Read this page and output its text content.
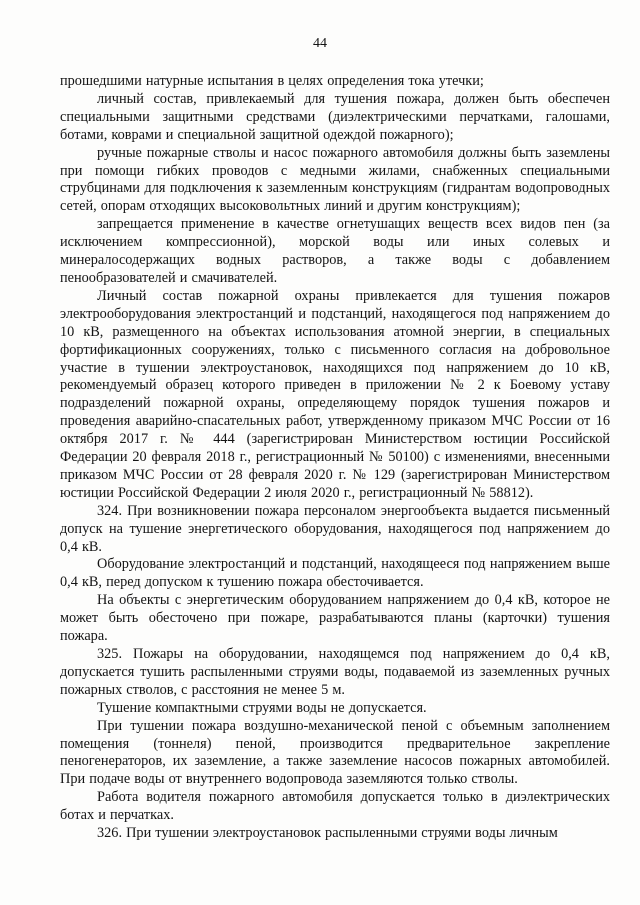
44

прошедшими натурные испытания в целях определения тока утечки;

личный состав, привлекаемый для тушения пожара, должен быть обеспечен специальными защитными средствами (диэлектрическими перчатками, галошами, ботами, коврами и специальной защитной одеждой пожарного);

ручные пожарные стволы и насос пожарного автомобиля должны быть заземлены при помощи гибких проводов с медными жилами, снабженных специальными струбцинами для подключения к заземленным конструкциям (гидрантам водопроводных сетей, опорам отходящих высоковольтных линий и другим конструкциям);

запрещается применение в качестве огнетушащих веществ всех видов пен (за исключением компрессионной), морской воды или иных солевых и минералосодержащих водных растворов, а также воды с добавлением пенообразователей и смачивателей.

Личный состав пожарной охраны привлекается для тушения пожаров электрооборудования электростанций и подстанций, находящегося под напряжением до 10 кВ, размещенного на объектах использования атомной энергии, в специальных фортификационных сооружениях, только с письменного согласия на добровольное участие в тушении электроустановок, находящихся под напряжением до 10 кВ, рекомендуемый образец которого приведен в приложении № 2 к Боевому уставу подразделений пожарной охраны, определяющему порядок тушения пожаров и проведения аварийно-спасательных работ, утвержденному приказом МЧС России от 16 октября 2017 г. № 444 (зарегистрирован Министерством юстиции Российской Федерации 20 февраля 2018 г., регистрационный № 50100) с изменениями, внесенными приказом МЧС России от 28 февраля 2020 г. № 129 (зарегистрирован Министерством юстиции Российской Федерации 2 июля 2020 г., регистрационный № 58812).

324. При возникновении пожара персоналом энергообъекта выдается письменный допуск на тушение энергетического оборудования, находящегося под напряжением до 0,4 кВ.

Оборудование электростанций и подстанций, находящееся под напряжением выше 0,4 кВ, перед допуском к тушению пожара обесточивается.

На объекты с энергетическим оборудованием напряжением до 0,4 кВ, которое не может быть обесточено при пожаре, разрабатываются планы (карточки) тушения пожара.

325. Пожары на оборудовании, находящемся под напряжением до 0,4 кВ, допускается тушить распыленными струями воды, подаваемой из заземленных ручных пожарных стволов, с расстояния не менее 5 м.

Тушение компактными струями воды не допускается.

При тушении пожара воздушно-механической пеной с объемным заполнением помещения (тоннеля) пеной, производится предварительное закрепление пеногенераторов, их заземление, а также заземление насосов пожарных автомобилей. При подаче воды от внутреннего водопровода заземляются только стволы.

Работа водителя пожарного автомобиля допускается только в диэлектрических ботах и перчатках.

326. При тушении электроустановок распыленными струями воды личным
